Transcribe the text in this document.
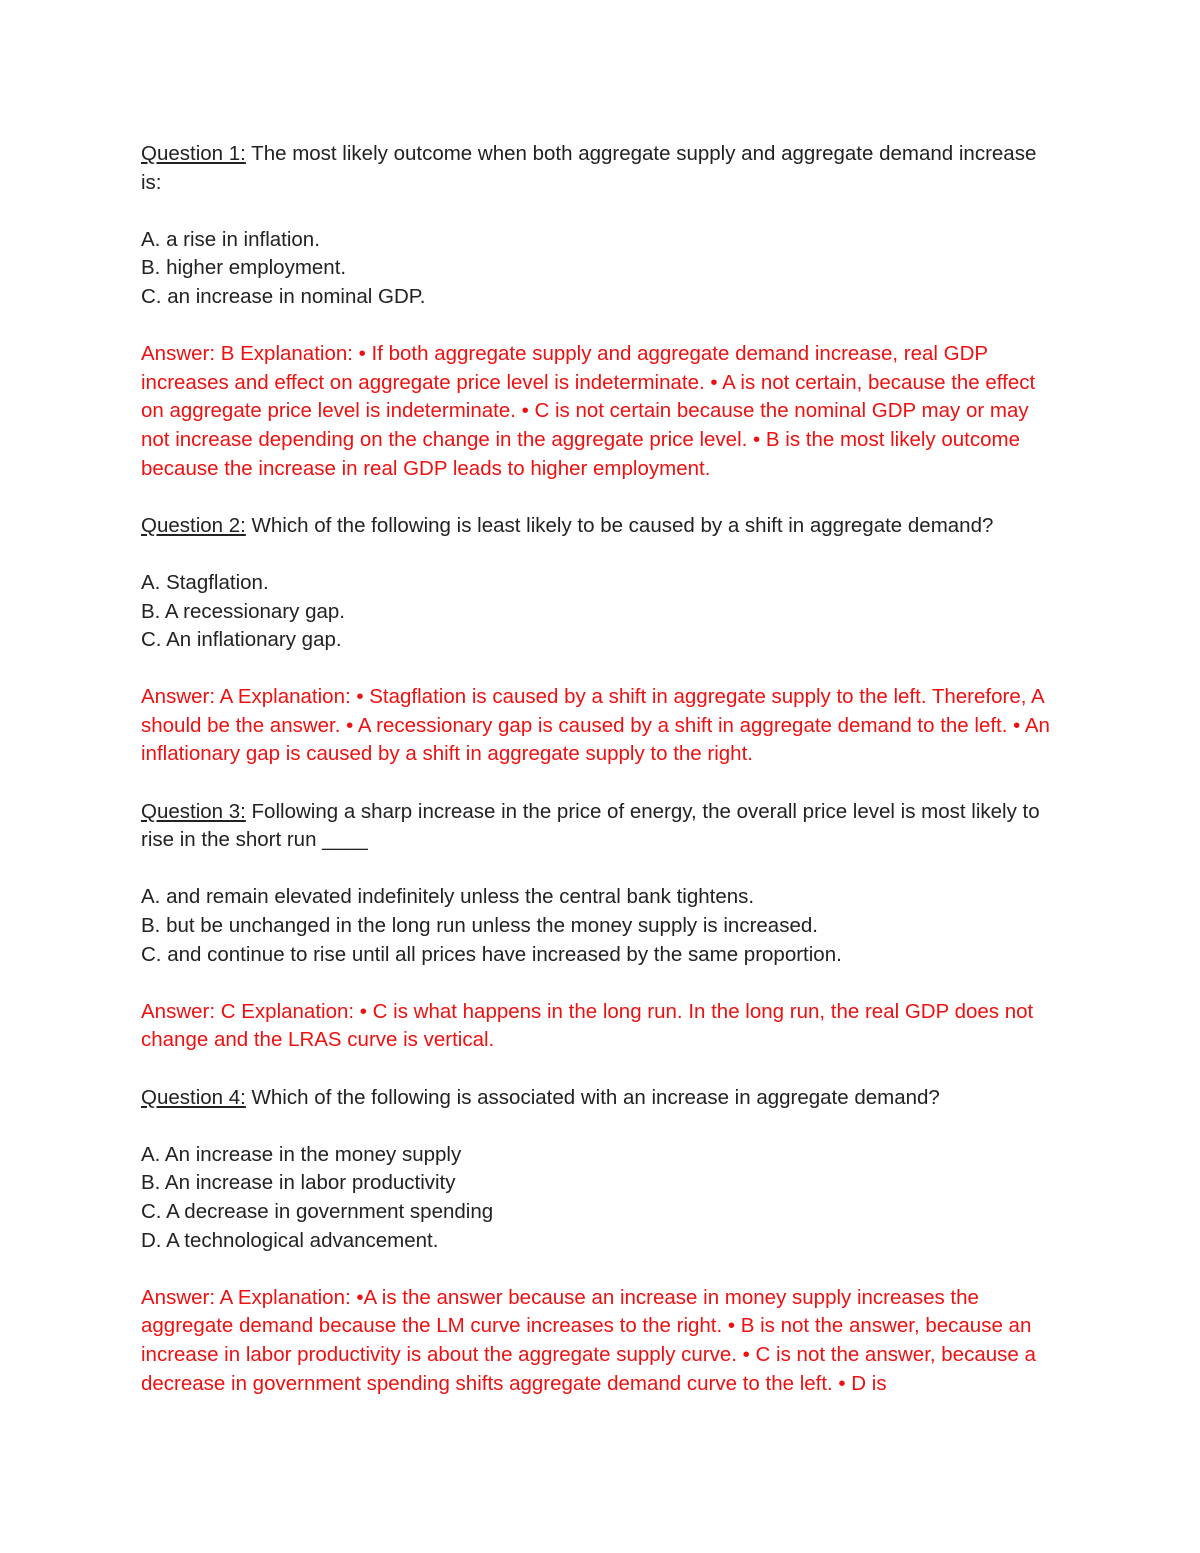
Question 1: The most likely outcome when both aggregate supply and aggregate demand increase is:

A. a rise in inflation.

B. higher employment.

C. an increase in nominal GDP.

Answer: B Explanation: • If both aggregate supply and aggregate demand increase, real GDP increases and effect on aggregate price level is indeterminate. • A is not certain, because the effect on aggregate price level is indeterminate. • C is not certain because the nominal GDP may or may not increase depending on the change in the aggregate price level. • B is the most likely outcome because the increase in real GDP leads to higher employment.

Question 2: Which of the following is least likely to be caused by a shift in aggregate demand?

A. Stagflation.

B. A recessionary gap.

C. An inflationary gap.

Answer: A Explanation: • Stagflation is caused by a shift in aggregate supply to the left. Therefore, A should be the answer. • A recessionary gap is caused by a shift in aggregate demand to the left. • An inflationary gap is caused by a shift in aggregate supply to the right.

Question 3: Following a sharp increase in the price of energy, the overall price level is most likely to rise in the short run ____

A. and remain elevated indefinitely unless the central bank tightens.

B. but be unchanged in the long run unless the money supply is increased.

C. and continue to rise until all prices have increased by the same proportion.

Answer: C Explanation: • C is what happens in the long run. In the long run, the real GDP does not change and the LRAS curve is vertical.

Question 4: Which of the following is associated with an increase in aggregate demand?

A. An increase in the money supply

B. An increase in labor productivity

C. A decrease in government spending

D. A technological advancement.

Answer: A Explanation: •A is the answer because an increase in money supply increases the aggregate demand because the LM curve increases to the right. • B is not the answer, because an increase in labor productivity is about the aggregate supply curve. • C is not the answer, because a decrease in government spending shifts aggregate demand curve to the left. • D is
